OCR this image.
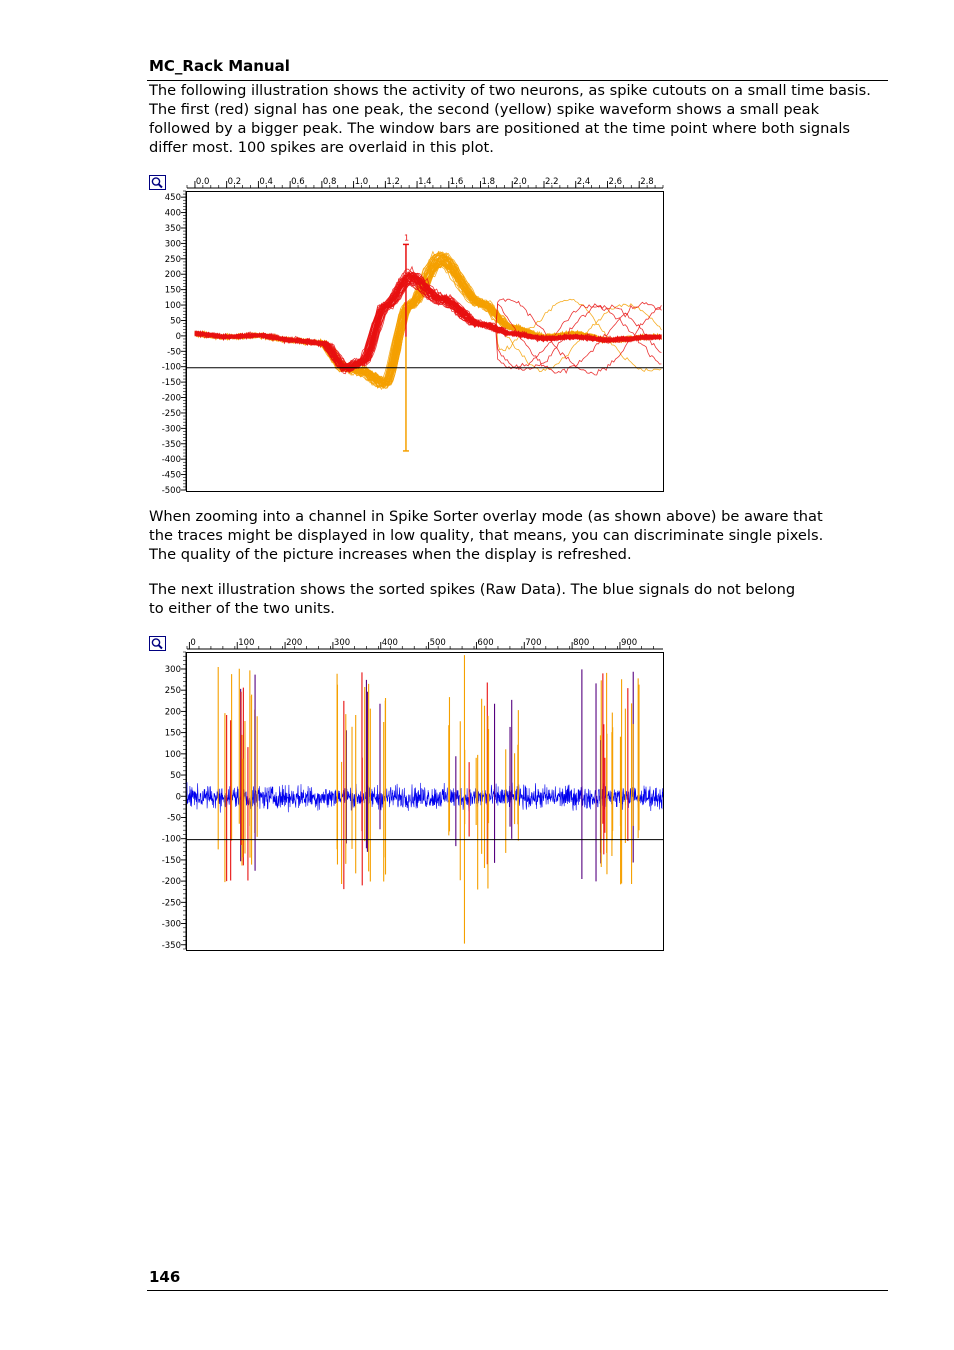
MC_Rack Manual
The following illustration shows the activity of two neurons, as spike cutouts on a small time basis.
The first (red) signal has one peak, the second (yellow) spike waveform shows a small peak
followed by a bigger peak. The window bars are positioned at the time point where both signals
differ most. 100 spikes are overlaid in this plot.
0.0 0.2 0.4 0.6 0.8 1.0 1.2 1.4 1.6 1.8 2.0 2.2 2.4 2.6 2.8
450
400
350
300
250
200
150
100
50
0
-50
-100
-150
-200
-250
-300
-350
-400
-450
-500
1
When zooming into a channel in Spike Sorter overlay mode (as shown above) be aware that
the traces might be displayed in low quality, that means, you can discriminate single pixels.
The quality of the picture increases when the display is refreshed.
The next illustration shows the sorted spikes (Raw Data). The blue signals do not belong
to either of the two units.
0	100	200	300	400	500	600	700	800	900
300
250
200
150
100
50
0
-50
-100
-150
-200
-250
-300
-350
146
